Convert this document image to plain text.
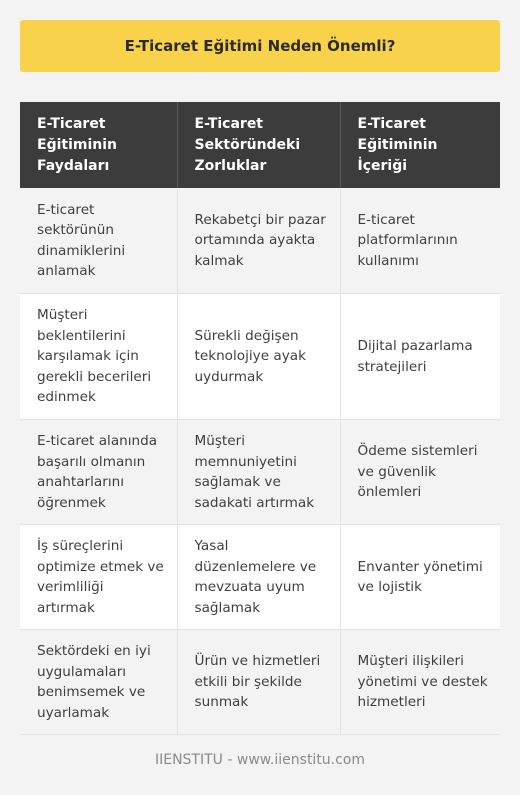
E-Ticaret Eğitimi Neden Önemli?
E-Ticaret Eğitiminin Faydaları	E-Ticaret Sektöründeki Zorluklar	E-Ticaret Eğitiminin İçeriği
E-ticaret sektörünün dinamiklerini anlamak	Rekabetçi bir pazar ortamında ayakta kalmak	E-ticaret platformlarının kullanımı
Müşteri beklentilerini karşılamak için gerekli becerileri edinmek	Sürekli değişen teknolojiye ayak uydurmak	Dijital pazarlama stratejileri
E-ticaret alanında başarılı olmanın anahtarlarını öğrenmek	Müşteri memnuniyetini sağlamak ve sadakati artırmak	Ödeme sistemleri ve güvenlik önlemleri
İş süreçlerini optimize etmek ve verimliliği artırmak	Yasal düzenlemelere ve mevzuata uyum sağlamak	Envanter yönetimi ve lojistik
Sektördeki en iyi uygulamaları benimsemek ve uyarlamak	Ürün ve hizmetleri etkili bir şekilde sunmak	Müşteri ilişkileri yönetimi ve destek hizmetleri
IIENSTITU - www.iienstitu.com
